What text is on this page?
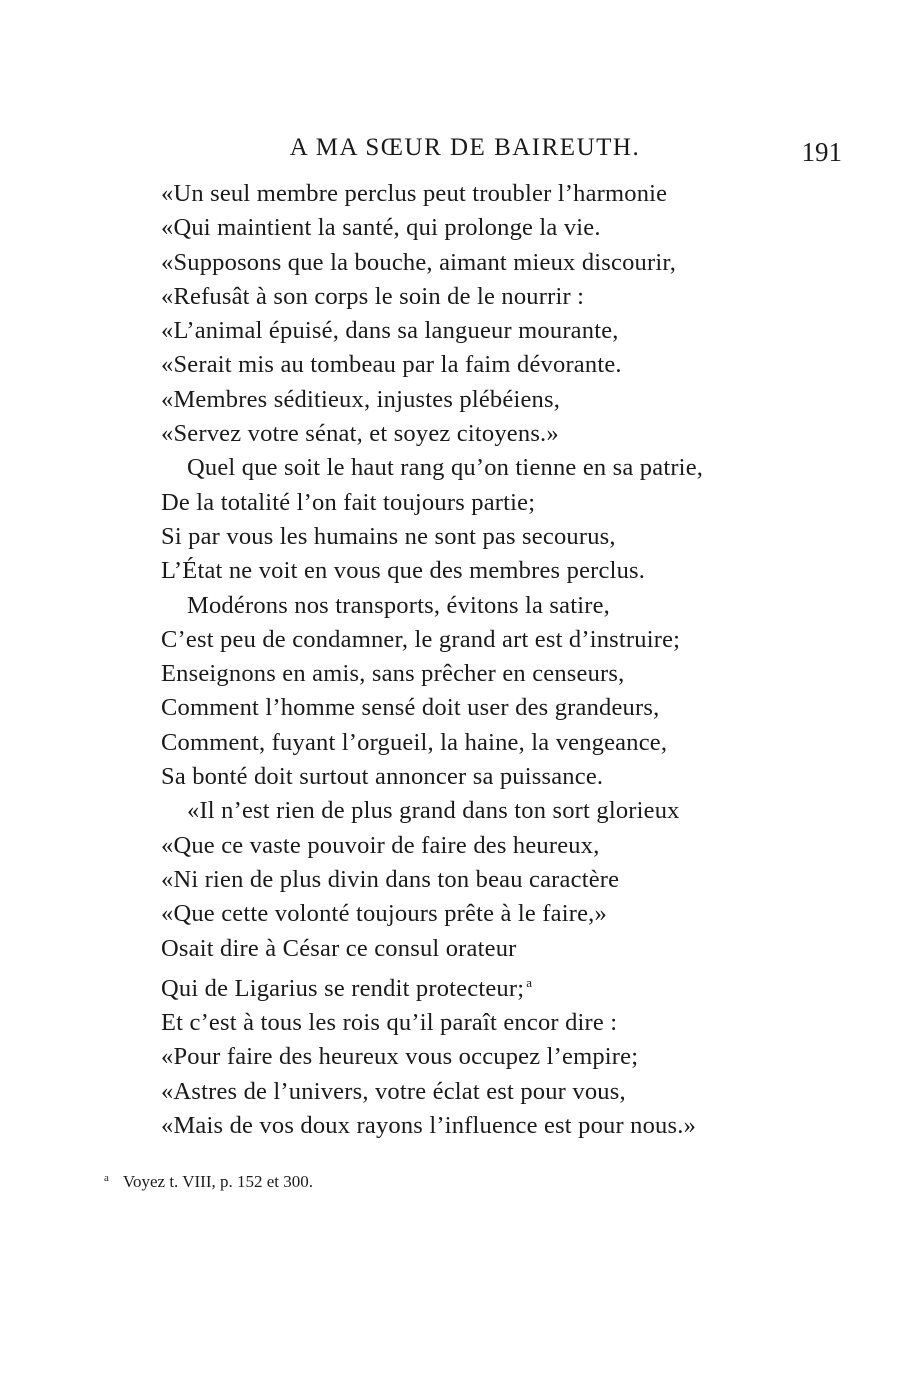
A MA SŒUR DE BAIREUTH.	191
«Un seul membre perclus peut troubler l’harmonie
«Qui maintient la santé, qui prolonge la vie.
«Supposons que la bouche, aimant mieux discourir,
«Refusât à son corps le soin de le nourrir :
«L’animal épuisé, dans sa langueur mourante,
«Serait mis au tombeau par la faim dévorante.
«Membres séditieux, injustes plébéiens,
«Servez votre sénat, et soyez citoyens.»
Quel que soit le haut rang qu’on tienne en sa patrie,
De la totalité l’on fait toujours partie;
Si par vous les humains ne sont pas secourus,
L’État ne voit en vous que des membres perclus.
Modérons nos transports, évitons la satire,
C’est peu de condamner, le grand art est d’instruire;
Enseignons en amis, sans prêcher en censeurs,
Comment l’homme sensé doit user des grandeurs,
Comment, fuyant l’orgueil, la haine, la vengeance,
Sa bonté doit surtout annoncer sa puissance.
«Il n’est rien de plus grand dans ton sort glorieux
«Que ce vaste pouvoir de faire des heureux,
«Ni rien de plus divin dans ton beau caractère
«Que cette volonté toujours prête à le faire,»
Osait dire à César ce consul orateur
Qui de Ligarius se rendit protecteur; $^a$
Et c’est à tous les rois qu’il paraît encor dire :
«Pour faire des heureux vous occupez l’empire;
«Astres de l’univers, votre éclat est pour vous,
«Mais de vos doux rayons l’influence est pour nous.»
$^a$ Voyez t. VIII, p. 152 et 300.
